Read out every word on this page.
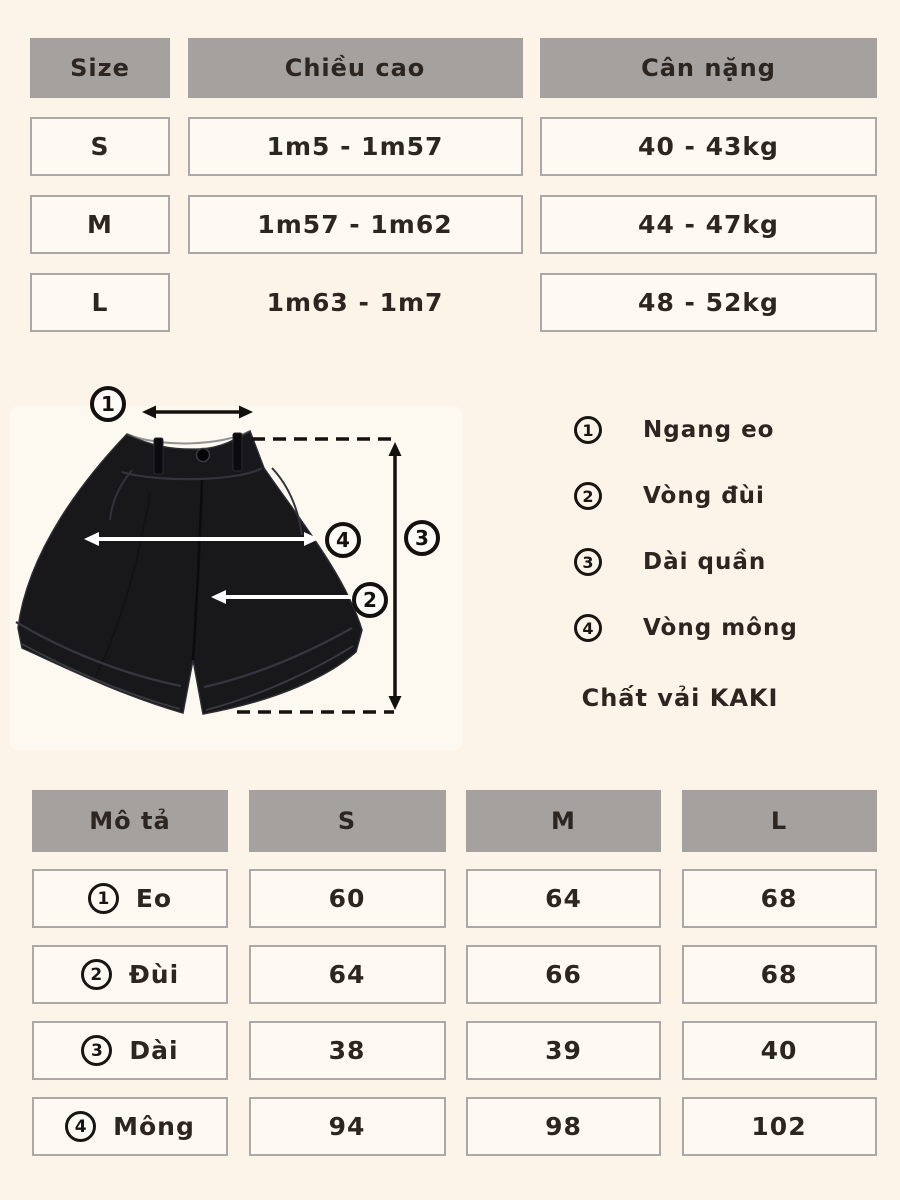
Size	Chiều cao	Cân nặng
S	1m5 - 1m57	40 - 43kg
M	1m57 - 1m62	44 - 47kg
L	1m63 - 1m7	48 - 52kg
1
4
2
3
1	Ngang eo
2	Vòng đùi
3	Dài quần
4	Vòng mông
Chất vải KAKI
Mô tả	S	M	L
1	Eo	60	64	68
2	Đùi	64	66	68
3	Dài	38	39	40
4	Mông	94	98	102
